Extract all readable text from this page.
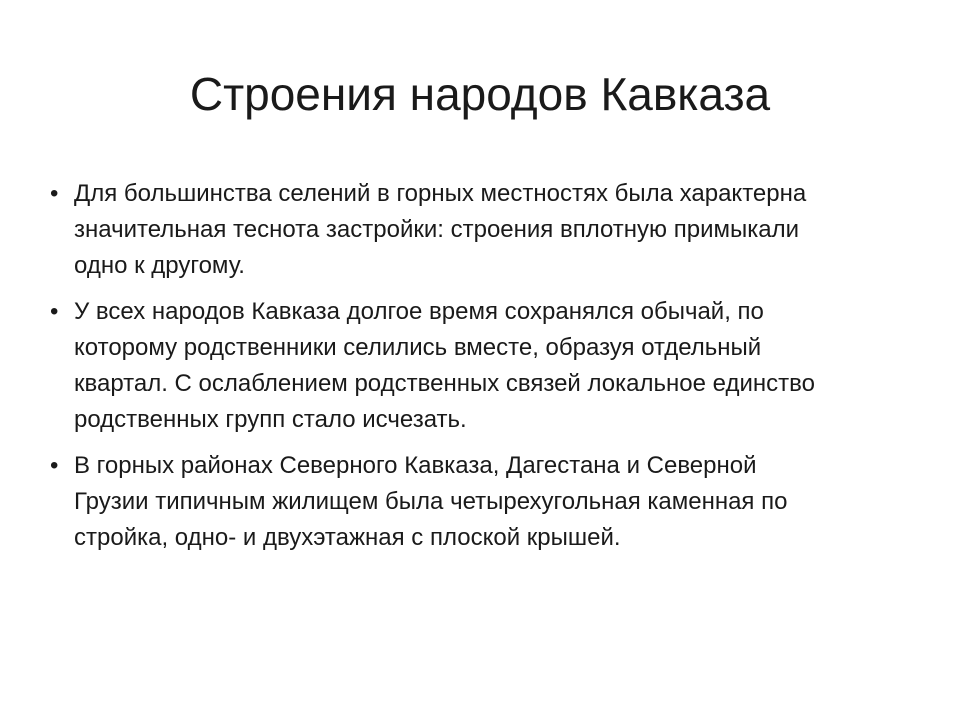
Строения народов Кавказа
• Для большинства селений в горных местностях была характерна
значительная теснота застройки: строения вплотную примыкали
одно к другому.
• У всех народов Кавказа долгое время сохранялся обычай, по
которому родственники селились вместе, образуя отдельный
квартал. С ослаблением родственных связей локальное единство
родственных групп стало исчезать.
• В горных районах Северного Кавказа, Дагестана и Северной
Грузии типичным жилищем была четырехугольная каменная по
стройка, одно- и двухэтажная с плоской крышей.
